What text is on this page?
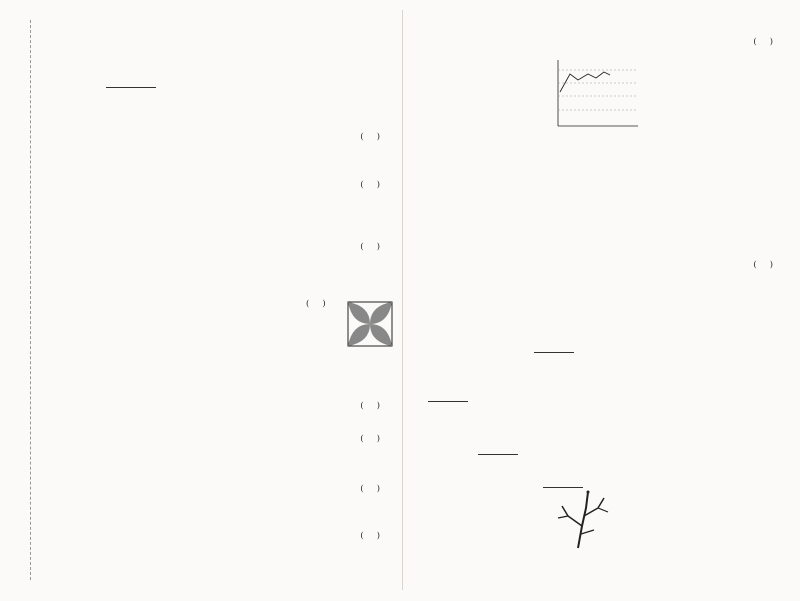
(     )
(     )
(     )
(     )
(     )
(     )
(     )
(     )
(     )
(     )
